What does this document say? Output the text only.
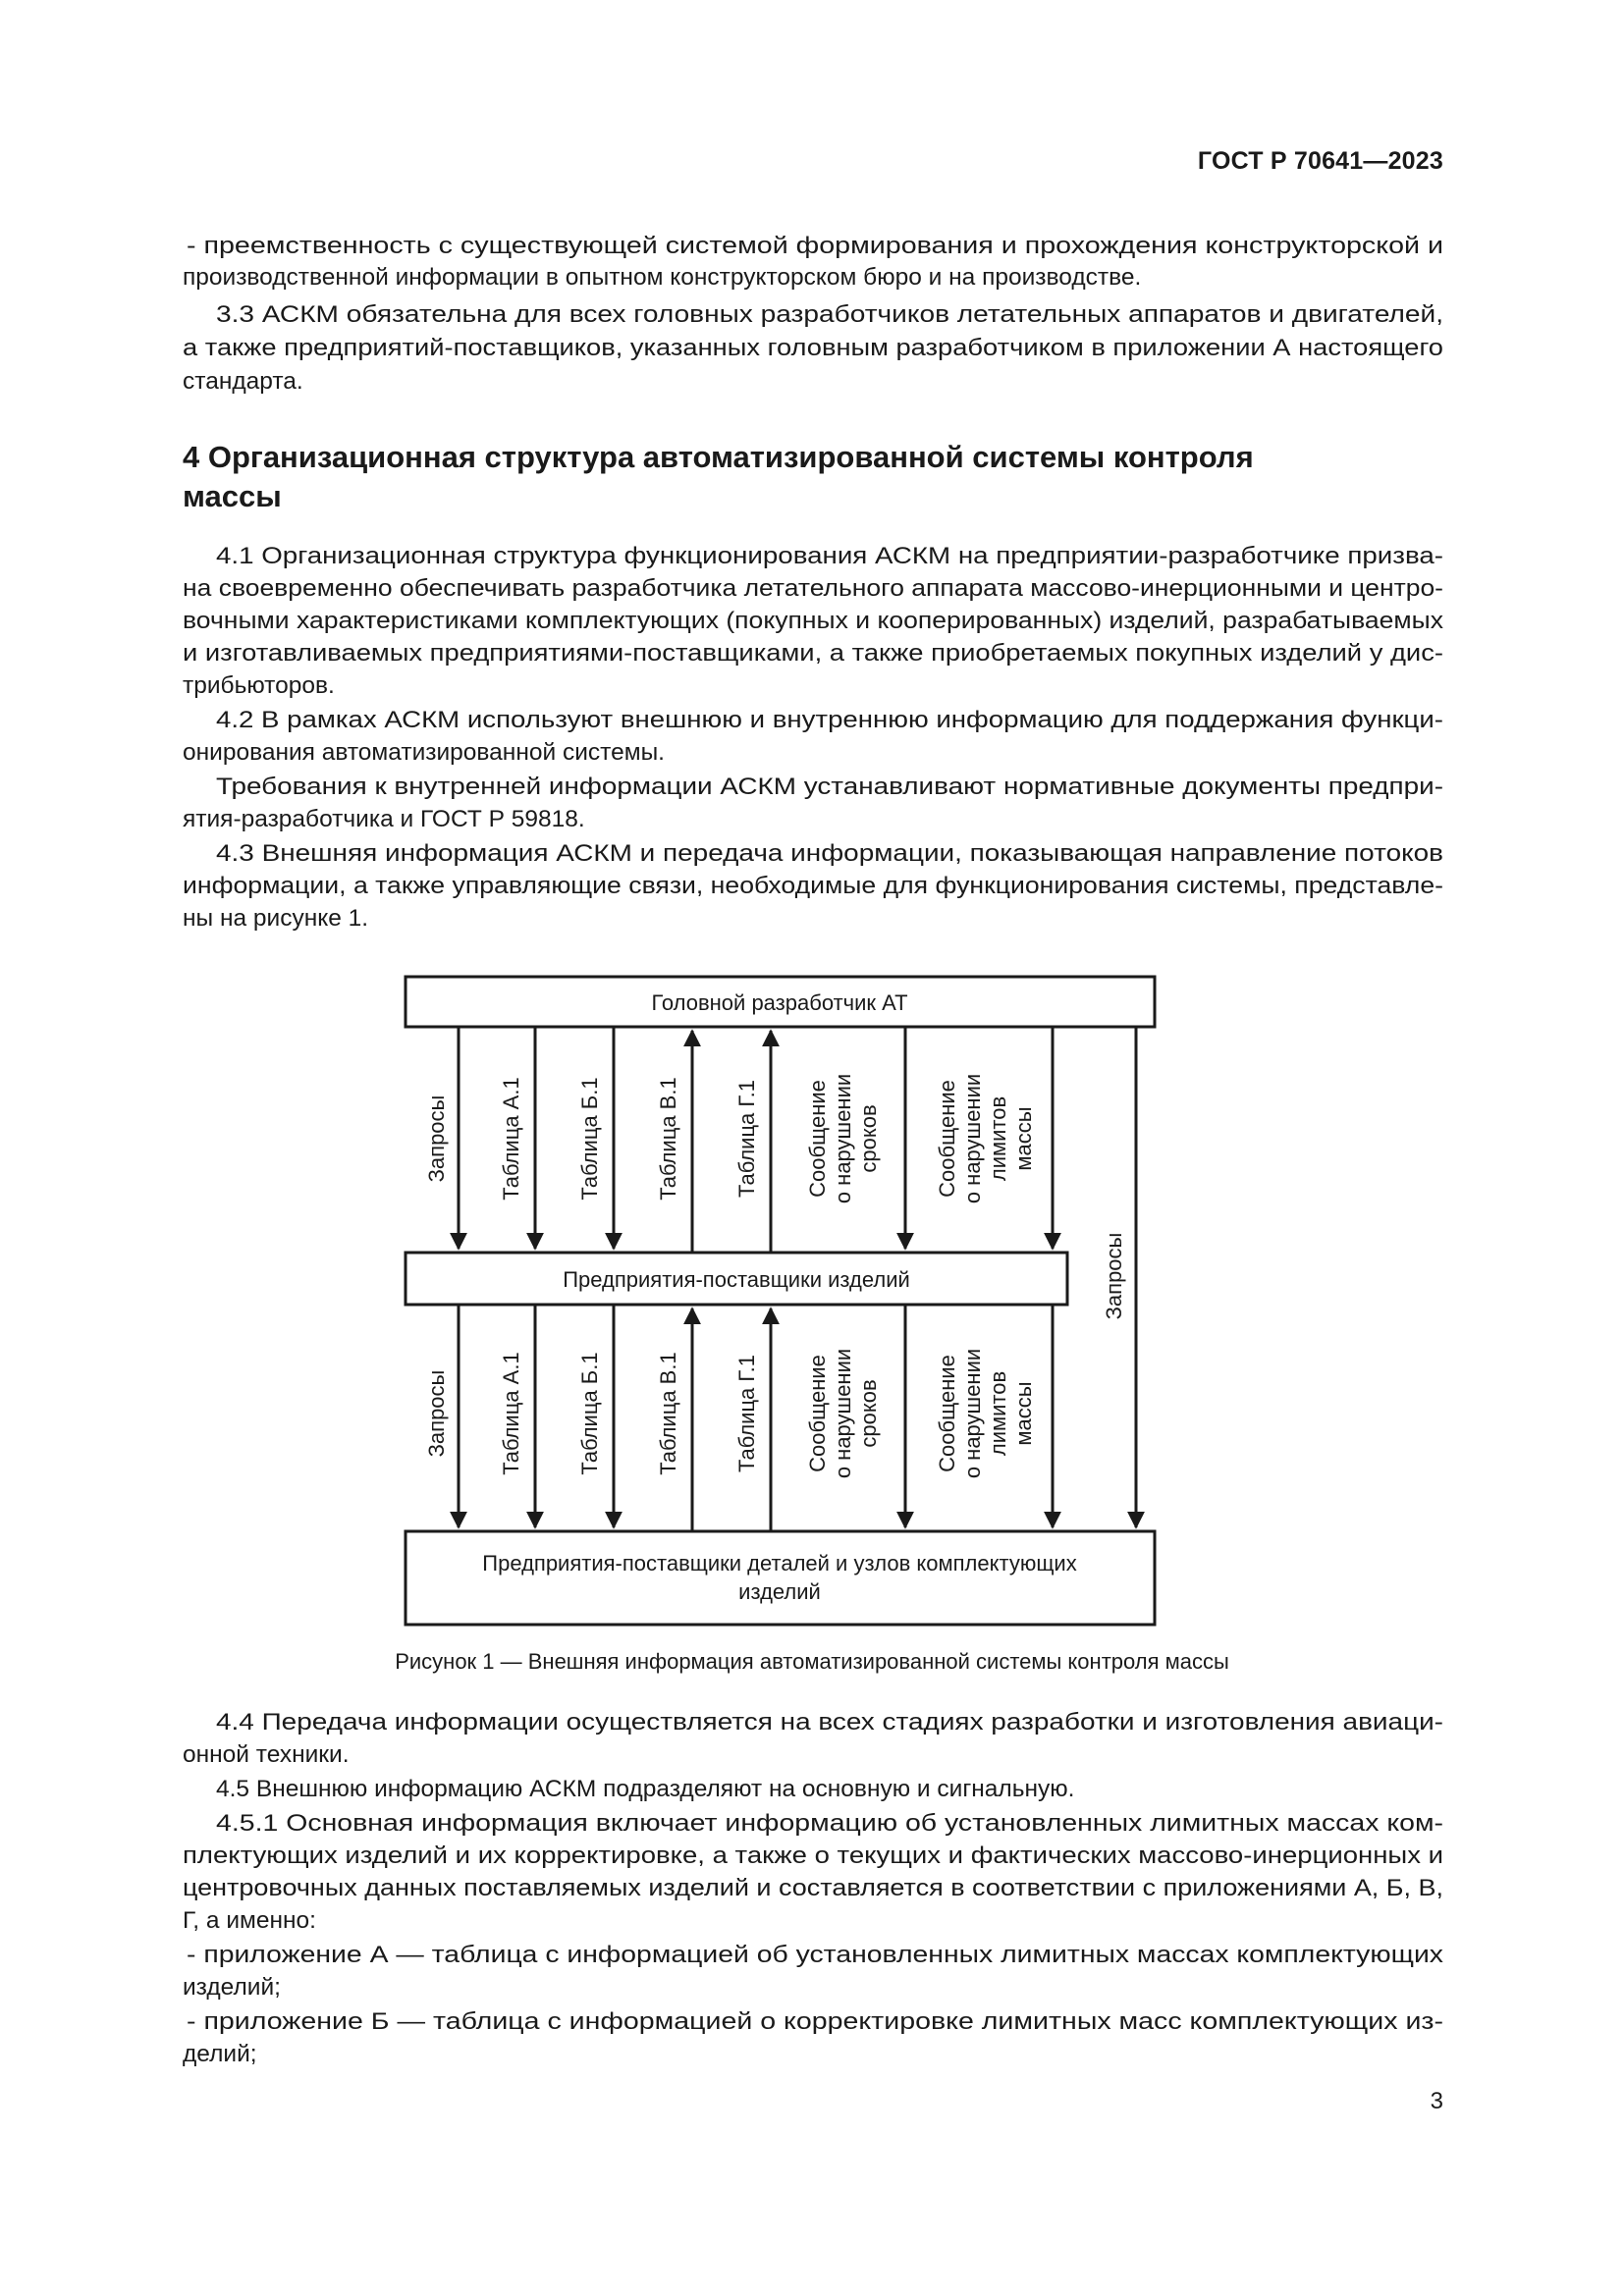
ГОСТ Р 70641—2023
- преемственность с существующей системой формирования и прохождения конструкторской и
производственной информации в опытном конструкторском бюро и на производстве.
3.3 АСКМ обязательна для всех головных разработчиков летательных аппаратов и двигателей,
а также предприятий-поставщиков, указанных головным разработчиком в приложении А настоящего
стандарта.
4 Организационная структура автоматизированной системы контроля
массы
4.1 Организационная структура функционирования АСКМ на предприятии-разработчике призва-
на своевременно обеспечивать разработчика летательного аппарата массово-инерционными и центро-
вочными характеристиками комплектующих (покупных и кооперированных) изделий, разрабатываемых
и изготавливаемых предприятиями-поставщиками, а также приобретаемых покупных изделий у дис-
трибьюторов.
4.2 В рамках АСКМ используют внешнюю и внутреннюю информацию для поддержания функци-
онирования автоматизированной системы.
Требования к внутренней информации АСКМ устанавливают нормативные документы предпри-
ятия-разработчика и ГОСТ Р 59818.
4.3 Внешняя информация АСКМ и передача информации, показывающая направление потоков
информации, а также управляющие связи, необходимые для функционирования системы, представле-
ны на рисунке 1.
Рисунок 1 — Внешняя информация автоматизированной системы контроля массы
4.4 Передача информации осуществляется на всех стадиях разработки и изготовления авиаци-
онной техники.
4.5 Внешнюю информацию АСКМ подразделяют на основную и сигнальную.
4.5.1 Основная информация включает информацию об установленных лимитных массах ком-
плектующих изделий и их корректировке, а также о текущих и фактических массово-инерционных и
центровочных данных поставляемых изделий и составляется в соответствии с приложениями А, Б, В,
Г, а именно:
- приложение А — таблица с информацией об установленных лимитных массах комплектующих
изделий;
- приложение Б — таблица с информацией о корректировке лимитных масс комплектующих из-
делий;
3
Головной разработчик АТ
Предприятия-поставщики изделий
Предприятия-поставщики деталей и узлов комплектующих
изделий
Запросы Таблица А.1	Таблица Б.1	Таблица В.1	Таблица Г.1 Сообщение о нарушении сроков	Сообщение о нарушении лимитов массы
Запросы
Запросы Таблица А.1	Таблица Б.1	Таблица В.1	Таблица Г.1 Сообщение о нарушении сроков	Сообщение о нарушении лимитов массы
